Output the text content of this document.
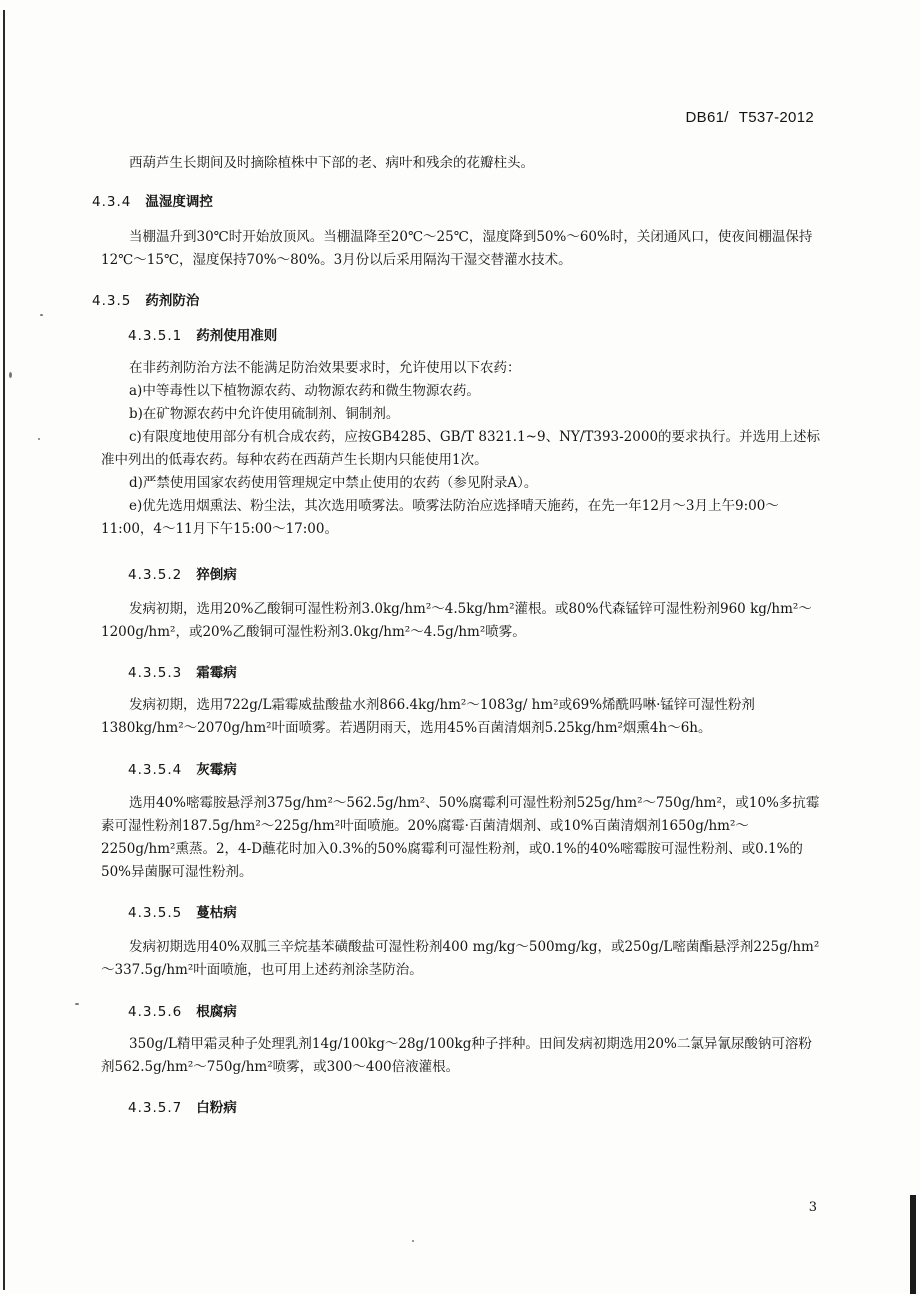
DB61/ T537-2012
西葫芦生长期间及时摘除植株中下部的老、病叶和残余的花瓣柱头。
4.3.4 温湿度调控
当棚温升到30℃时开始放顶风。当棚温降至20℃～25℃，湿度降到50%～60%时，关闭通风口，使夜间棚温保持12℃～15℃，湿度保持70%～80%。3月份以后采用隔沟干湿交替灌水技术。
4.3.5 药剂防治
4.3.5.1 药剂使用准则
在非药剂防治方法不能满足防治效果要求时，允许使用以下农药：
a)中等毒性以下植物源农药、动物源农药和微生物源农药。
b)在矿物源农药中允许使用硫制剂、铜制剂。
c)有限度地使用部分有机合成农药，应按GB4285、GB/T 8321.1~9、NY/T393-2000的要求执行。并选用上述标准中列出的低毒农药。每种农药在西葫芦生长期内只能使用1次。
d)严禁使用国家农药使用管理规定中禁止使用的农药（参见附录A）。
e)优先选用烟熏法、粉尘法，其次选用喷雾法。喷雾法防治应选择晴天施药，在先一年12月～3月上午9:00～11:00，4～11月下午15:00～17:00。
4.3.5.2 猝倒病
发病初期，选用20%乙酸铜可湿性粉剂3.0kg/hm²～4.5kg/hm²灌根。或80%代森锰锌可湿性粉剂960 kg/hm²～1200g/hm²，或20%乙酸铜可湿性粉剂3.0kg/hm²～4.5g/hm²喷雾。
4.3.5.3 霜霉病
发病初期，选用722g/L霜霉威盐酸盐水剂866.4kg/hm²～1083g/ hm²或69%烯酰吗啉·锰锌可湿性粉剂1380kg/hm²～2070g/hm²叶面喷雾。若遇阴雨天，选用45%百菌清烟剂5.25kg/hm²烟熏4h～6h。
4.3.5.4 灰霉病
选用40%嘧霉胺悬浮剂375g/hm²～562.5g/hm²、50%腐霉利可湿性粉剂525g/hm²～750g/hm²，或10%多抗霉素可湿性粉剂187.5g/hm²～225g/hm²叶面喷施。20%腐霉·百菌清烟剂、或10%百菌清烟剂1650g/hm²～2250g/hm²熏蒸。2，4-D蘸花时加入0.3%的50%腐霉利可湿性粉剂，或0.1%的40%嘧霉胺可湿性粉剂、或0.1%的50%异菌脲可湿性粉剂。
4.3.5.5 蔓枯病
发病初期选用40%双胍三辛烷基苯磺酸盐可湿性粉剂400 mg/kg～500mg/kg，或250g/L嘧菌酯悬浮剂225g/hm²～337.5g/hm²叶面喷施，也可用上述药剂涂茎防治。
4.3.5.6 根腐病
350g/L精甲霜灵种子处理乳剂14g/100kg～28g/100kg种子拌种。田间发病初期选用20%二氯异氰尿酸钠可溶粉剂562.5g/hm²～750g/hm²喷雾，或300～400倍液灌根。
4.3.5.7 白粉病
3
